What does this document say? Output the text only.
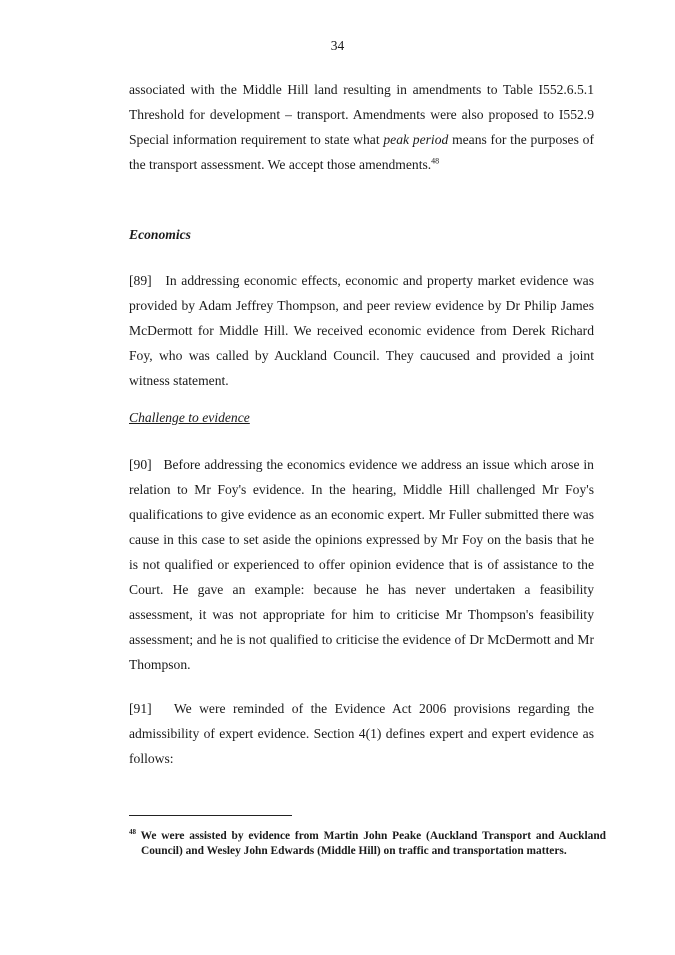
34

associated with the Middle Hill land resulting in amendments to Table I552.6.5.1 Threshold for development – transport. Amendments were also proposed to I552.9 Special information requirement to state what peak period means for the purposes of the transport assessment. We accept those amendments.$^{48}$

Economics

[89] In addressing economic effects, economic and property market evidence was provided by Adam Jeffrey Thompson, and peer review evidence by Dr Philip James McDermott for Middle Hill. We received economic evidence from Derek Richard Foy, who was called by Auckland Council. They caucused and provided a joint witness statement.

Challenge to evidence

[90] Before addressing the economics evidence we address an issue which arose in relation to Mr Foy's evidence. In the hearing, Middle Hill challenged Mr Foy's qualifications to give evidence as an economic expert. Mr Fuller submitted there was cause in this case to set aside the opinions expressed by Mr Foy on the basis that he is not qualified or experienced to offer opinion evidence that is of assistance to the Court. He gave an example: because he has never undertaken a feasibility assessment, it was not appropriate for him to criticise Mr Thompson's feasibility assessment; and he is not qualified to criticise the evidence of Dr McDermott and Mr Thompson.

[91] We were reminded of the Evidence Act 2006 provisions regarding the admissibility of expert evidence. Section 4(1) defines expert and expert evidence as follows:

$^{48}$ We were assisted by evidence from Martin John Peake (Auckland Transport and Auckland Council) and Wesley John Edwards (Middle Hill) on traffic and transportation matters.
